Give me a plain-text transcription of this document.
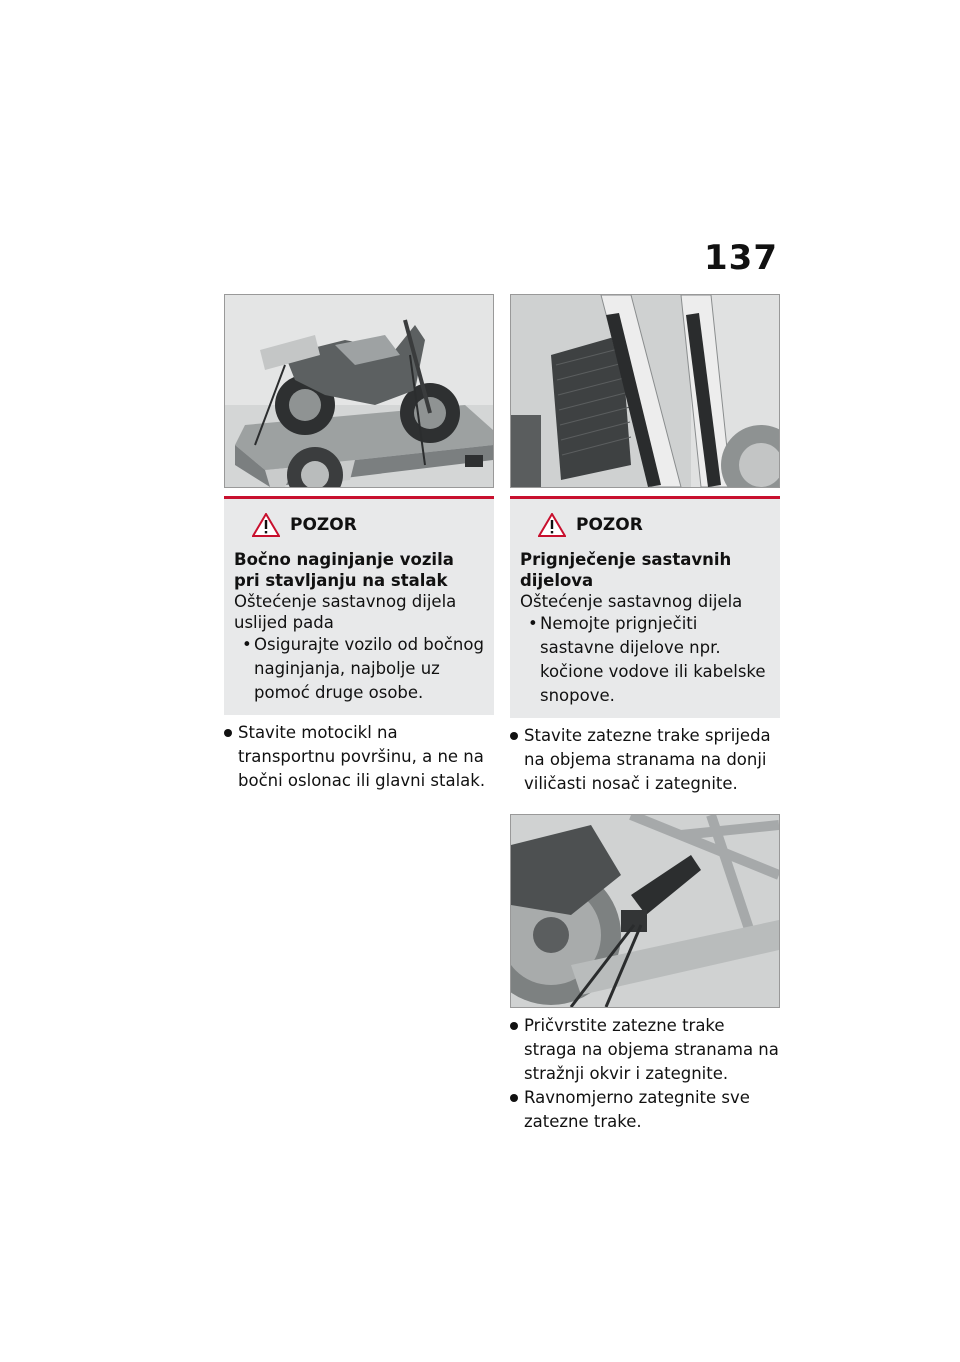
137
POZOR
Bočno naginjanje vozila pri stavljanju na stalak
Oštećenje sastavnog dijela uslijed pada
• Osigurajte vozilo od bočnog naginjanja, najbolje uz pomoć druge osobe.
Stavite motocikl na transportnu površinu, a ne na bočni oslonac ili glavni stalak.
POZOR
Prignječenje sastavnih dijelova
Oštećenje sastavnog dijela
• Nemojte prignječiti sastavne dijelove npr. kočione vodove ili kabelske snopove.
Stavite zatezne trake sprijeda na objema stranama na donji viličasti nosač i zategnite.
Pričvrstite zatezne trake straga na objema stranama na stražnji okvir i zategnite.
Ravnomjerno zategnite sve zatezne trake.
